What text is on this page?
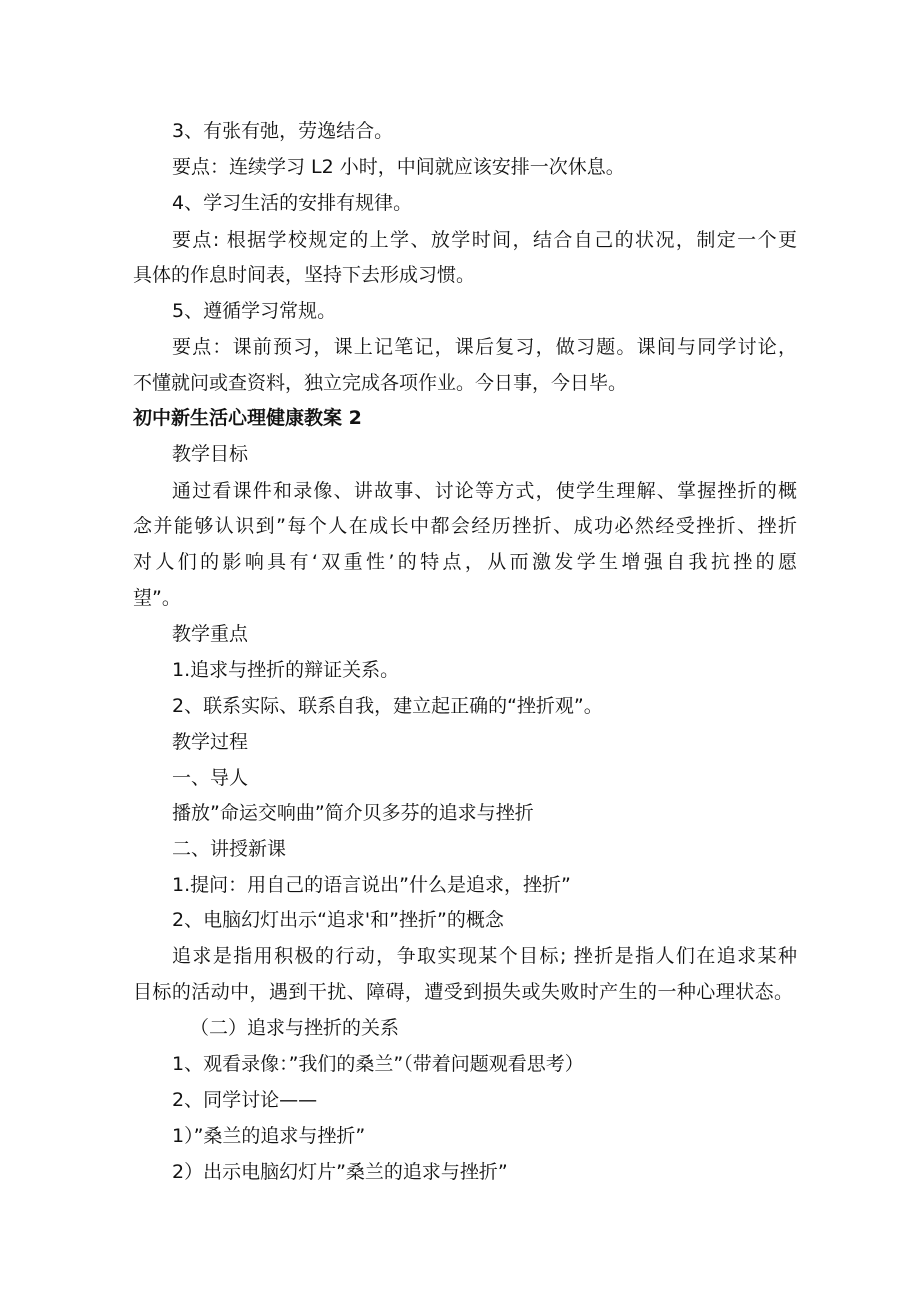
3、有张有弛，劳逸结合。
要点：连续学习 L2 小时，中间就应该安排一次休息。
4、学习生活的安排有规律。
要点: 根据学校规定的上学、放学时间，结合自己的状况，制定一个更
具体的作息时间表，坚持下去形成习惯。
5、遵循学习常规。
要点：课前预习，课上记笔记，课后复习，做习题。课间与同学讨论，
不懂就问或查资料，独立完成各项作业。今日事，今日毕。
初中新生活心理健康教案 2
教学目标
通过看课件和录像、讲故事、讨论等方式，使学生理解、掌握挫折的概
念并能够认识到”每个人在成长中都会经历挫折、成功必然经受挫折、挫折
对人们的影响具有‘双重性’的特点，从而激发学生增强自我抗挫的愿
望”。
教学重点
1.追求与挫折的辩证关系。
2、联系实际、联系自我，建立起正确的“挫折观”。
教学过程
一、导人
播放”命运交响曲”简介贝多芬的追求与挫折
二、讲授新课
1.提问：用自己的语言说出”什么是追求，挫折”
2、电脑幻灯出示“追求'和”挫折”的概念
追求是指用积极的行动，争取实现某个目标; 挫折是指人们在追求某种
目标的活动中，遇到干扰、障碍，遭受到损失或失败时产生的一种心理状态。
（二）追求与挫折的关系
1、观看录像：”我们的桑兰”（带着问题观看思考）
2、同学讨论——
1）”桑兰的追求与挫折”
2）出示电脑幻灯片”桑兰的追求与挫折”
